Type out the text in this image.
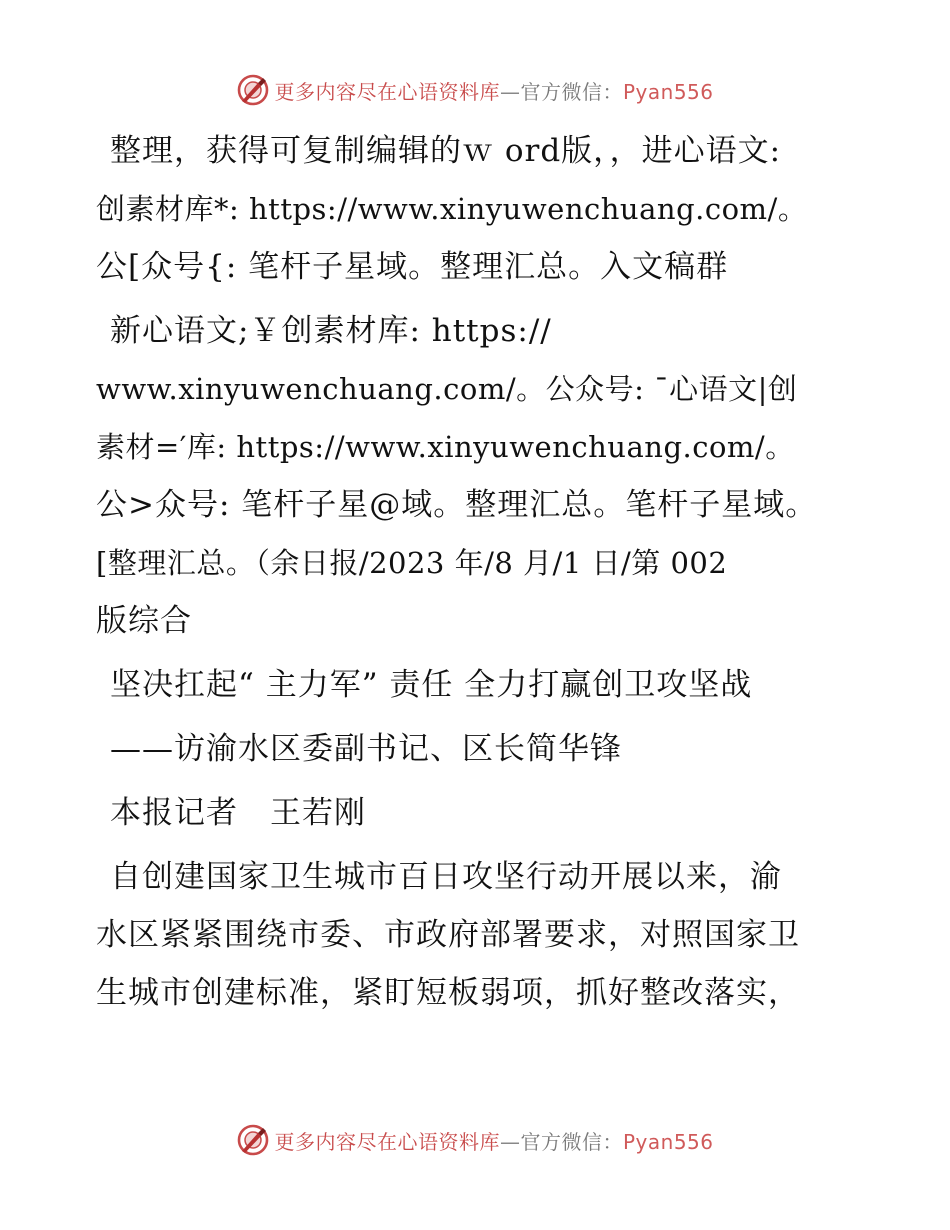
更多内容尽在心语资料库—官方微信：Pyan556
整理，获得可复制编辑的ｗ ord版，，进心语文:
创素材库*: https://www.xinyuwenchuang.com/。
公[众号{: 笔杆子星域。整理汇总。入文稿群
新心语文;￥创素材库: https://
www.xinyuwenchuang.com/。公众号: ¯心语文|创
素材=′库: https://www.xinyuwenchuang.com/。
公>众号: 笔杆子星@域。整理汇总。笔杆子星域。
[整理汇总。（余日报/2023 年/8 月/1 日/第 002
版综合
坚决扛起“ 主力军” 责任 全力打赢创卫攻坚战
——访渝水区委副书记、区长简华锋
本报记者　王若刚
自创建国家卫生城市百日攻坚行动开展以来，渝
水区紧紧围绕市委、市政府部署要求，对照国家卫
生城市创建标准，紧盯短板弱项，抓好整改落实，
更多内容尽在心语资料库—官方微信：Pyan556
